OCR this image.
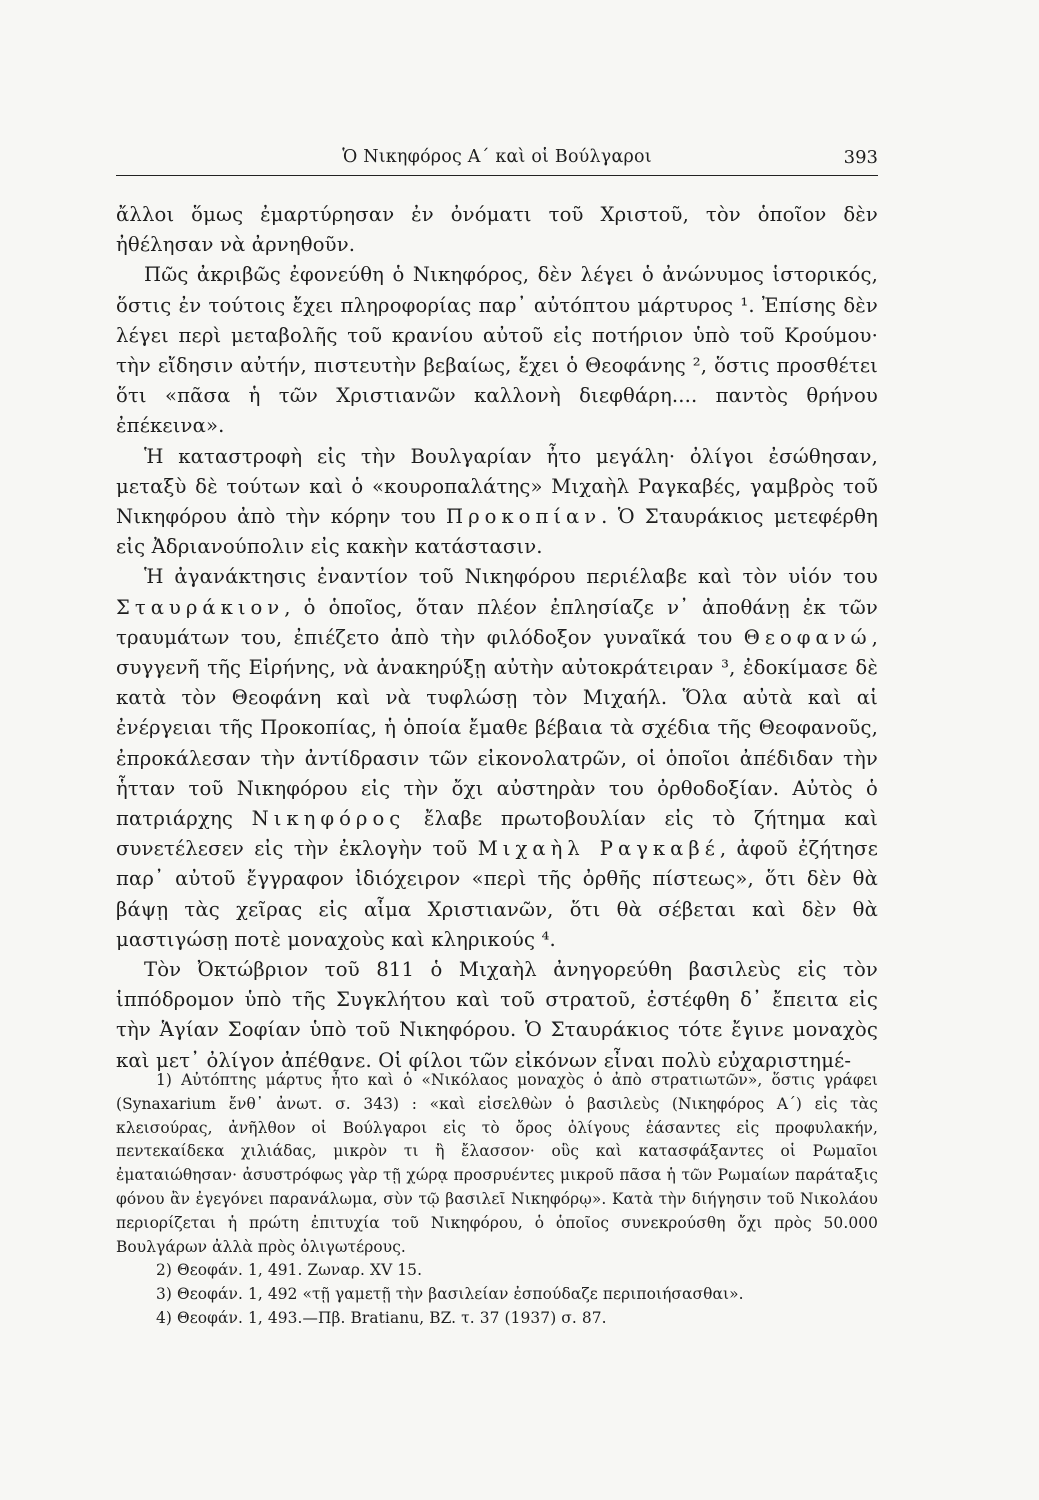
Ὁ Νικηφόρος Α΄ καὶ οἱ Βούλγαροι	393

ἄλλοι ὅμως ἐμαρτύρησαν ἐν ὀνόματι τοῦ Χριστοῦ, τὸν ὁποῖον δὲν ἠθέλησαν νὰ ἀρνηθοῦν.

Πῶς ἀκριβῶς ἐφονεύθη ὁ Νικηφόρος, δὲν λέγει ὁ ἀνώνυμος ἱστορικός, ὅστις ἐν τούτοις ἔχει πληροφορίας παρ᾽ αὐτόπτου μάρτυρος ¹. Ἐπίσης δὲν λέγει περὶ μεταβολῆς τοῦ κρανίου αὐτοῦ εἰς ποτήριον ὑπὸ τοῦ Κρούμου· τὴν εἴδησιν αὐτήν, πιστευτὴν βεβαίως, ἔχει ὁ Θεοφάνης ², ὅστις προσθέτει ὅτι «πᾶσα ἡ τῶν Χριστιανῶν καλλονὴ διεφθάρη.... παντὸς θρήνου ἐπέκεινα».

Ἡ καταστροφὴ εἰς τὴν Βουλγαρίαν ἦτο μεγάλη· ὀλίγοι ἐσώθησαν, μεταξὺ δὲ τούτων καὶ ὁ «κουροπαλάτης» Μιχαὴλ Ραγκαβές, γαμβρὸς τοῦ Νικηφόρου ἀπὸ τὴν κόρην του Προκοπίαν. Ὁ Σταυράκιος μετεφέρθη εἰς Ἀδριανούπολιν εἰς κακὴν κατάστασιν.

Ἡ ἀγανάκτησις ἐναντίον τοῦ Νικηφόρου περιέλαβε καὶ τὸν υἱόν του Σταυράκιον, ὁ ὁποῖος, ὅταν πλέον ἐπλησίαζε ν᾽ ἀποθάνῃ ἐκ τῶν τραυμάτων του, ἐπιέζετο ἀπὸ τὴν φιλόδοξον γυναῖκά του Θεοφανώ, συγγενῆ τῆς Εἰρήνης, νὰ ἀνακηρύξῃ αὐτὴν αὐτοκράτειραν ³, ἐδοκίμασε δὲ κατὰ τὸν Θεοφάνη καὶ νὰ τυφλώσῃ τὸν Μιχαήλ. Ὅλα αὐτὰ καὶ αἱ ἐνέργειαι τῆς Προκοπίας, ἡ ὁποία ἔμαθε βέβαια τὰ σχέδια τῆς Θεοφανοῦς, ἐπροκάλεσαν τὴν ἀντίδρασιν τῶν εἰκονολατρῶν, οἱ ὁποῖοι ἀπέδιδαν τὴν ἧτταν τοῦ Νικηφόρου εἰς τὴν ὄχι αὐστηρὰν του ὀρθοδοξίαν. Αὐτὸς ὁ πατριάρχης Νικηφόρος ἔλαβε πρωτοβουλίαν εἰς τὸ ζήτημα καὶ συνετέλεσεν εἰς τὴν ἐκλογὴν τοῦ Μιχαὴλ Ραγκαβέ, ἀφοῦ ἐζήτησε παρ᾽ αὐτοῦ ἔγγραφον ἰδιόχειρον «περὶ τῆς ὀρθῆς πίστεως», ὅτι δὲν θὰ βάψῃ τὰς χεῖρας εἰς αἷμα Χριστιανῶν, ὅτι θὰ σέβεται καὶ δὲν θὰ μαστιγώσῃ ποτὲ μοναχοὺς καὶ κληρικούς ⁴.

Τὸν Ὀκτώβριον τοῦ 811 ὁ Μιχαὴλ ἀνηγορεύθη βασιλεὺς εἰς τὸν ἱππόδρομον ὑπὸ τῆς Συγκλήτου καὶ τοῦ στρατοῦ, ἐστέφθη δ᾽ ἔπειτα εἰς τὴν Ἁγίαν Σοφίαν ὑπὸ τοῦ Νικηφόρου. Ὁ Σταυράκιος τότε ἔγινε μοναχὸς καὶ μετ᾽ ὀλίγον ἀπέθανε. Οἱ φίλοι τῶν εἰκόνων εἶναι πολὺ εὐχαριστημέ-

1) Αὐτόπτης μάρτυς ἦτο καὶ ὁ «Νικόλαος μοναχὸς ὁ ἀπὸ στρατιωτῶν», ὅστις γράφει (Synaxarium ἔνθ᾽ ἀνωτ. σ. 343) : «καὶ εἰσελθὼν ὁ βασιλεὺς (Νικηφόρος Α΄) εἰς τὰς κλεισούρας, ἀνῆλθον οἱ Βούλγαροι εἰς τὸ ὄρος ὀλίγους ἐάσαντες εἰς προφυλακήν, πεντεκαίδεκα χιλιάδας, μικρὸν τι ἢ ἔλασσον· οὓς καὶ κατασφάξαντες οἱ Ρωμαῖοι ἐματαιώθησαν· ἀσυστρόφως γὰρ τῇ χώρᾳ προσρυέντες μικροῦ πᾶσα ἡ τῶν Ρωμαίων παράταξις φόνου ἂν ἐγεγόνει παρανάλωμα, σὺν τῷ βασιλεῖ Νικηφόρῳ». Κατὰ τὴν διήγησιν τοῦ Νικολάου περιορίζεται ἡ πρώτη ἐπιτυχία τοῦ Νικηφόρου, ὁ ὁποῖος συνεκρούσθη ὄχι πρὸς 50.000 Βουλγάρων ἀλλὰ πρὸς ὀλιγωτέρους.

2) Θεοφάν. 1, 491. Ζωναρ. XV 15.

3) Θεοφάν. 1, 492 «τῇ γαμετῇ τὴν βασιλείαν ἐσπούδαζε περιποιήσασθαι».

4) Θεοφάν. 1, 493.—Πβ. Bratianu, BZ. τ. 37 (1937) σ. 87.
